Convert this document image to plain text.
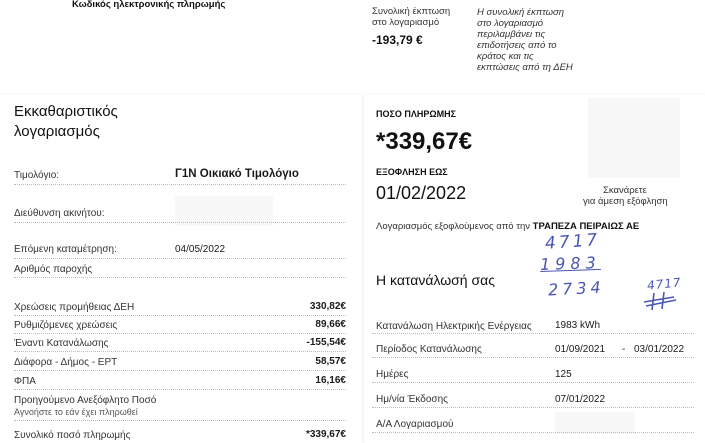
Κωδικός ηλεκτρονικής πληρωμής
Συνολική έκπτωση
στο λογαριασμό
-193,79 €
Η συνολική έκπτωση
στο λογαριασμό
περιλαμβάνει τις
επιδοτήσεις από το
κράτος και τις
εκπτώσεις από τη ΔΕΗ
Εκκαθαριστικός
λογαριασμός
Τιμολόγιο:	Γ1Ν Οικιακό Τιμολόγιο
Διεύθυνση ακινήτου:
Επόμενη καταμέτρηση:	04/05/2022
Αριθμός παροχής
Χρεώσεις προμήθειας ΔΕΗ	330,82€
Ρυθμιζόμενες χρεώσεις	89,66€
Έναντι Κατανάλωσης	-155,54€
Διάφορα - Δήμος - ΕΡΤ	58,57€
ΦΠΑ	16,16€
Προηγούμενο Ανεξόφλητο Ποσό
Αγνοήστε το εάν έχει πληρωθεί
Συνολικό ποσό πληρωμής	*339,67€
ΠΟΣΟ ΠΛΗΡΩΜΗΣ
*339,67€
ΕΞΟΦΛΗΣΗ ΕΩΣ
01/02/2022	Σκανάρετε
για άμεση εξόφληση
Λογαριασμός εξοφλούμενος από την ΤΡΑΠΕΖΑ ΠΕΙΡΑΙΩΣ ΑΕ
Η κατανάλωσή σας
Κατανάλωση Ηλεκτρικής Ενέργειας 1983 kWh
Περίοδος Κατανάλωσης	01/09/2021 - 03/01/2022
Ημέρες	125
Ημ/νία Έκδοσης	07/01/2022
Α/Α Λογαριασμού
4717
1983
2734	4717
